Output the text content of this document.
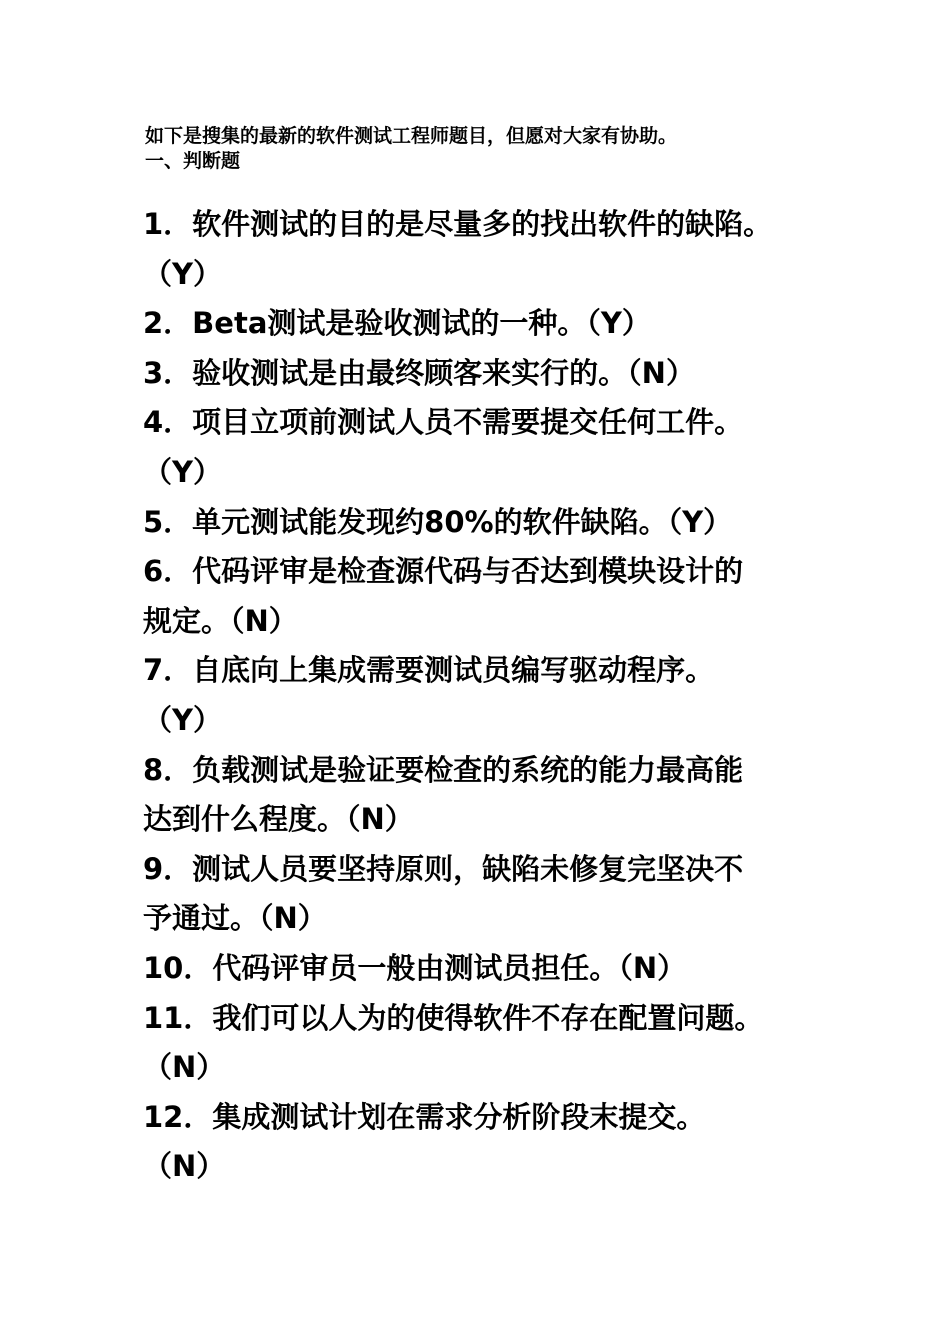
如下是搜集的最新的软件测试工程师题目，但愿对大家有协助。
一、判断题
1．软件测试的目的是尽量多的找出软件的缺陷。
（Y）
2．Beta测试是验收测试的一种。（Y）
3．验收测试是由最终顾客来实行的。（N）
4．项目立项前测试人员不需要提交任何工件。
（Y）
5．单元测试能发现约80%的软件缺陷。（Y）
6．代码评审是检查源代码与否达到模块设计的
规定。（N）
7．自底向上集成需要测试员编写驱动程序。
（Y）
8．负载测试是验证要检查的系统的能力最高能
达到什么程度。（N）
9．测试人员要坚持原则，缺陷未修复完坚决不
予通过。（N）
10．代码评审员一般由测试员担任。（N）
11．我们可以人为的使得软件不存在配置问题。
（N）
12．集成测试计划在需求分析阶段末提交。
（N）
